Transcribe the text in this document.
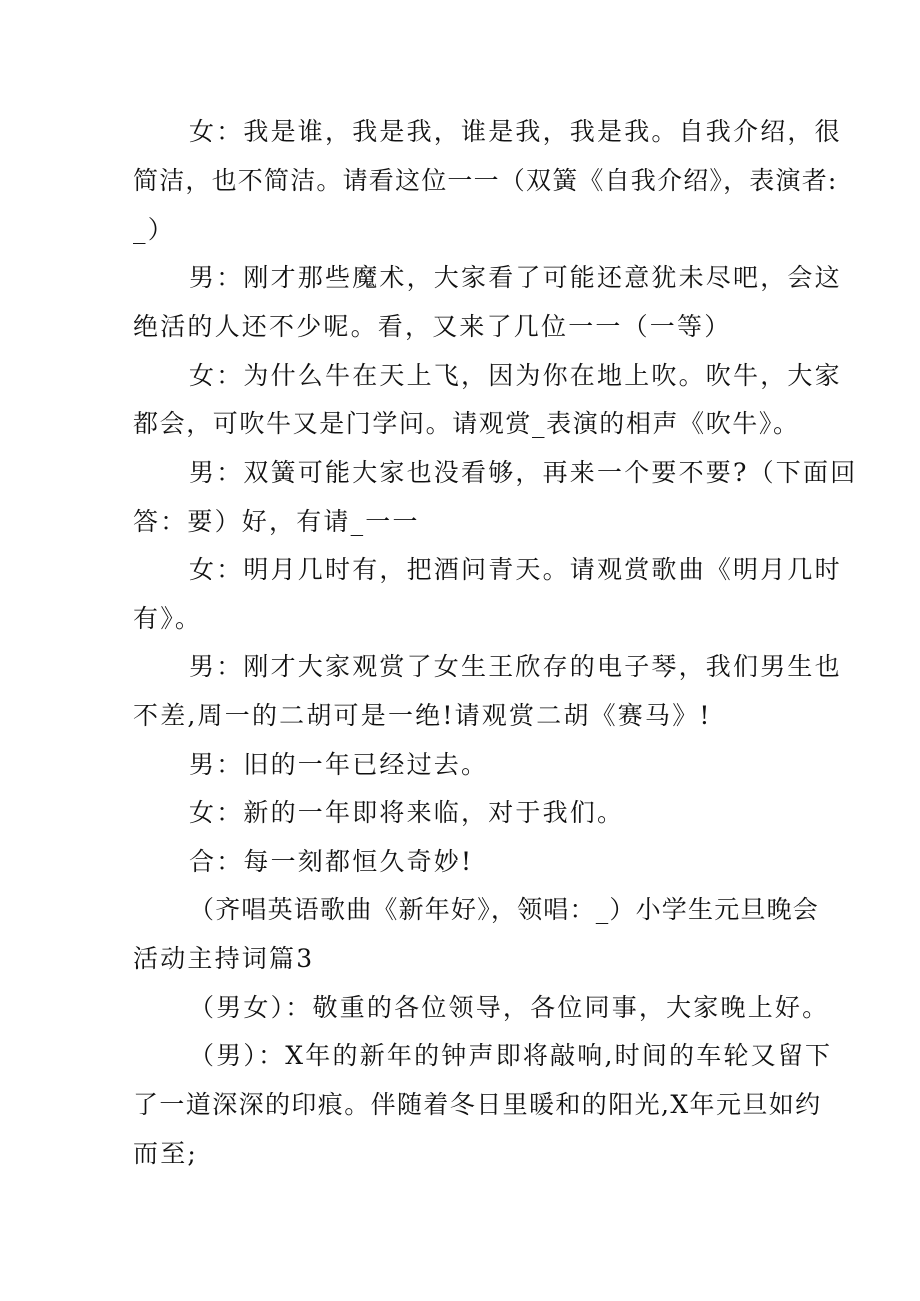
女：我是谁，我是我，谁是我，我是我。自我介绍，很
简洁，也不简洁。请看这位一一（双簧《自我介绍》，表演者:
_）
男：刚才那些魔术，大家看了可能还意犹未尽吧，会这
绝活的人还不少呢。看，又来了几位一一（一等）
女：为什么牛在天上飞，因为你在地上吹。吹牛，大家
都会，可吹牛又是门学问。请观赏_表演的相声《吹牛》。
男：双簧可能大家也没看够，再来一个要不要?（下面回
答：要）好，有请_一一
女：明月几时有，把酒问青天。请观赏歌曲《明月几时
有》。
男：刚才大家观赏了女生王欣存的电子琴，我们男生也
不差,周一的二胡可是一绝!请观赏二胡《赛马》!
男：旧的一年已经过去。
女：新的一年即将来临，对于我们。
合：每一刻都恒久奇妙!
（齐唱英语歌曲《新年好》，领唱：_）小学生元旦晚会
活动主持词篇3
（男女）：敬重的各位领导，各位同事，大家晚上好。
（男）：X年的新年的钟声即将敲响,时间的车轮又留下
了一道深深的印痕。伴随着冬日里暖和的阳光,X年元旦如约
而至;
